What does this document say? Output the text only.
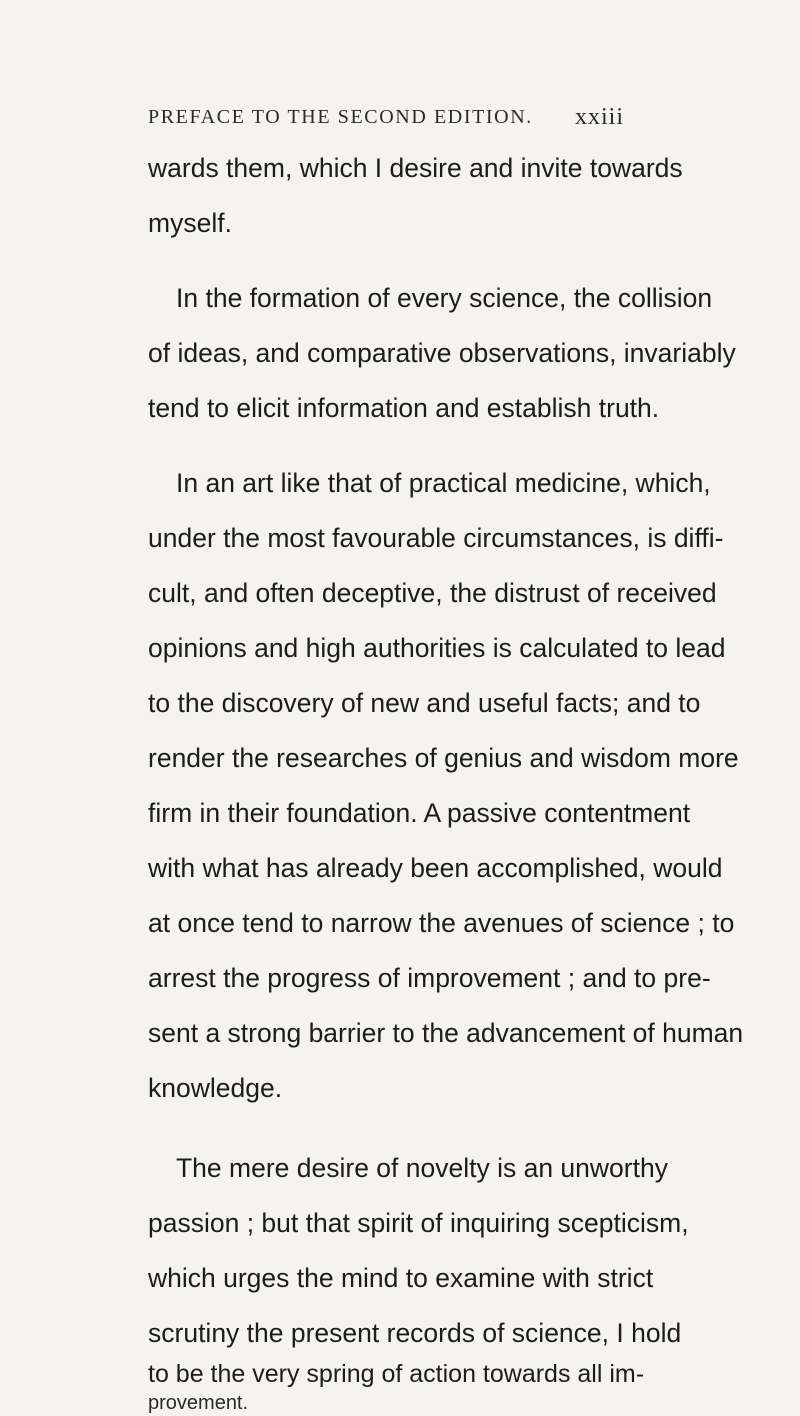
PREFACE TO THE SECOND EDITION. xxiii
wards them, which I desire and invite towards
myself.
In the formation of every science, the collision
of ideas, and comparative observations, invariably
tend to elicit information and establish truth.
In an art like that of practical medicine, which,
under the most favourable circumstances, is diffi-
cult, and often deceptive, the distrust of received
opinions and high authorities is calculated to lead
to the discovery of new and useful facts; and to
render the researches of genius and wisdom more
firm in their foundation. A passive contentment
with what has already been accomplished, would
at once tend to narrow the avenues of science ; to
arrest the progress of improvement ; and to pre-
sent a strong barrier to the advancement of human
knowledge.
The mere desire of novelty is an unworthy
passion ; but that spirit of inquiring scepticism,
which urges the mind to examine with strict
scrutiny the present records of science, I hold
to be the very spring of action towards all im-
provement.
